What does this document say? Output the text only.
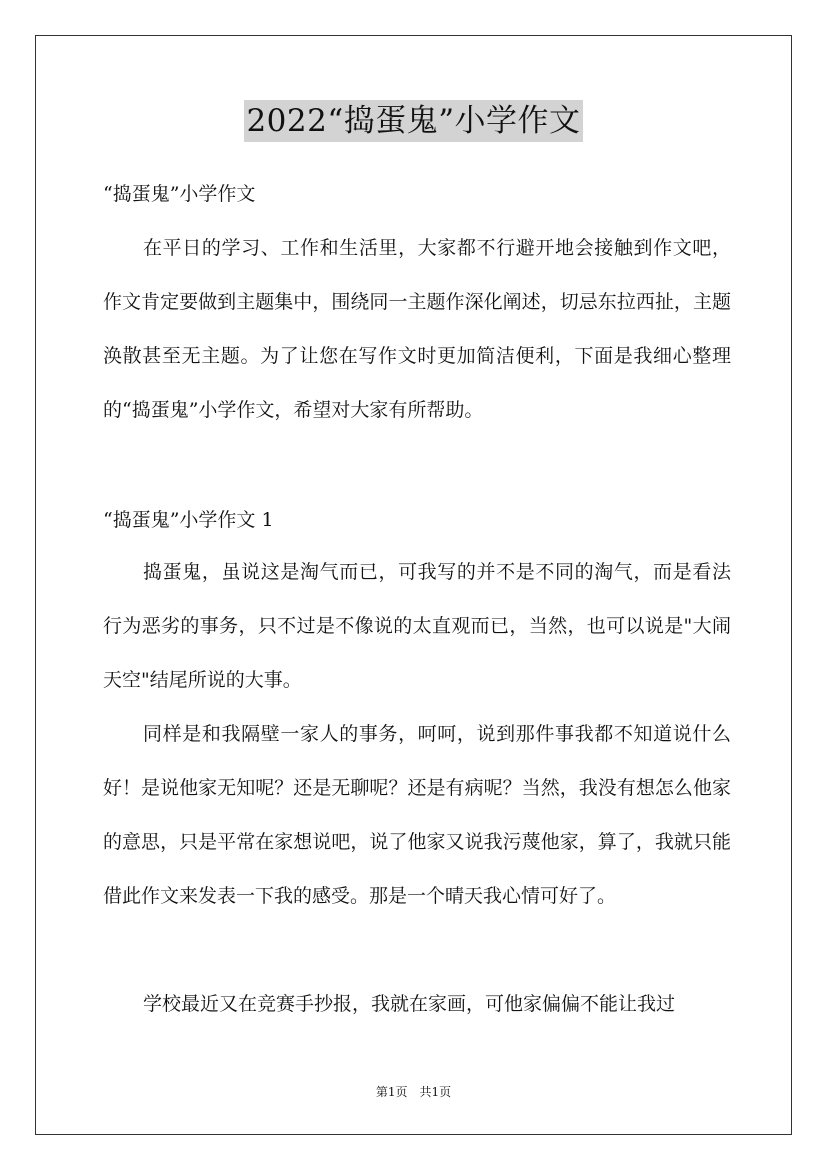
2022“捣蛋鬼”小学作文
“捣蛋鬼”小学作文

在平日的学习、工作和生活里，大家都不行避开地会接触到作文吧，作文肯定要做到主题集中，围绕同一主题作深化阐述，切忌东拉西扯，主题涣散甚至无主题。为了让您在写作文时更加简洁便利，下面是我细心整理的“捣蛋鬼”小学作文，希望对大家有所帮助。

“捣蛋鬼”小学作文 1

捣蛋鬼，虽说这是淘气而已，可我写的并不是不同的淘气，而是看法行为恶劣的事务，只不过是不像说的太直观而已，当然，也可以说是"大闹天空"结尾所说的大事。

同样是和我隔壁一家人的事务，呵呵，说到那件事我都不知道说什么好！是说他家无知呢？还是无聊呢？还是有病呢？当然，我没有想怎么他家的意思，只是平常在家想说吧，说了他家又说我污蔑他家，算了，我就只能借此作文来发表一下我的感受。那是一个晴天我心情可好了。

学校最近又在竞赛手抄报，我就在家画，可他家偏偏不能让我过

第1页　共1页
